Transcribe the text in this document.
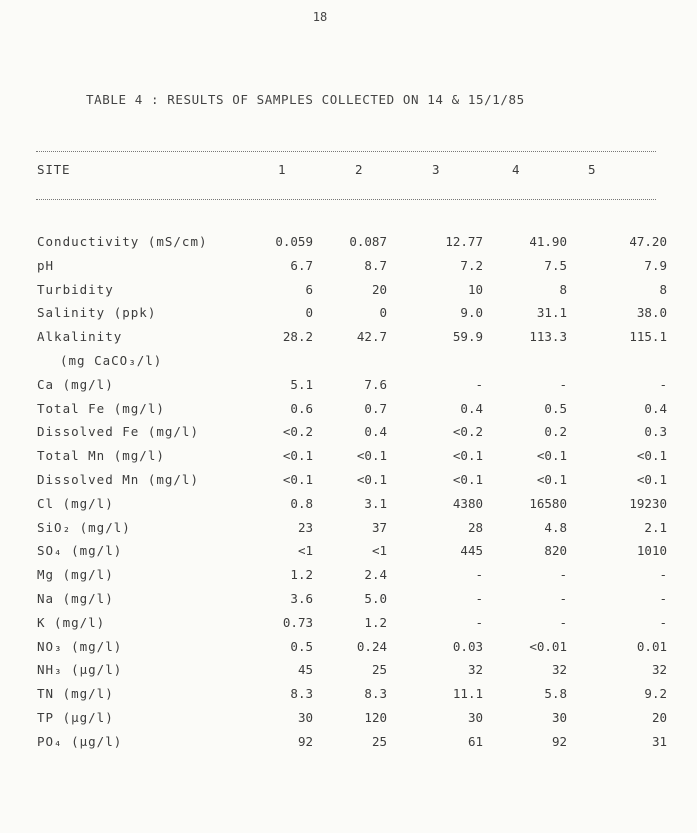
18
TABLE 4 : RESULTS OF SAMPLES COLLECTED ON 14 & 15/1/85
SITE	1	2	3	4	5
Conductivity (mS/cm)	0.059	0.087	12.77	41.90	47.20
pH	6.7	8.7	7.2	7.5	7.9
Turbidity	6	20	10	8	8
Salinity (ppk)	0	0	9.0	31.1	38.0
Alkalinity	28.2	42.7	59.9	113.3	115.1
(mg CaCO₃/l)
Ca (mg/l)	5.1	7.6	-	-	-
Total Fe (mg/l)	0.6	0.7	0.4	0.5	0.4
Dissolved Fe (mg/l)	<0.2	0.4	<0.2	0.2	0.3
Total Mn (mg/l)	<0.1	<0.1	<0.1	<0.1	<0.1
Dissolved Mn (mg/l)	<0.1	<0.1	<0.1	<0.1	<0.1
Cl (mg/l)	0.8	3.1	4380	16580	19230
SiO₂ (mg/l)	23	37	28	4.8	2.1
SO₄ (mg/l)	<1	<1	445	820	1010
Mg (mg/l)	1.2	2.4	-	-	-
Na (mg/l)	3.6	5.0	-	-	-
K (mg/l)	0.73	1.2	-	-	-
NO₃ (mg/l)	0.5	0.24	0.03	<0.01	0.01
NH₃ (μg/l)	45	25	32	32	32
TN (mg/l)	8.3	8.3	11.1	5.8	9.2
TP (μg/l)	30	120	30	30	20
PO₄ (μg/l)	92	25	61	92	31
